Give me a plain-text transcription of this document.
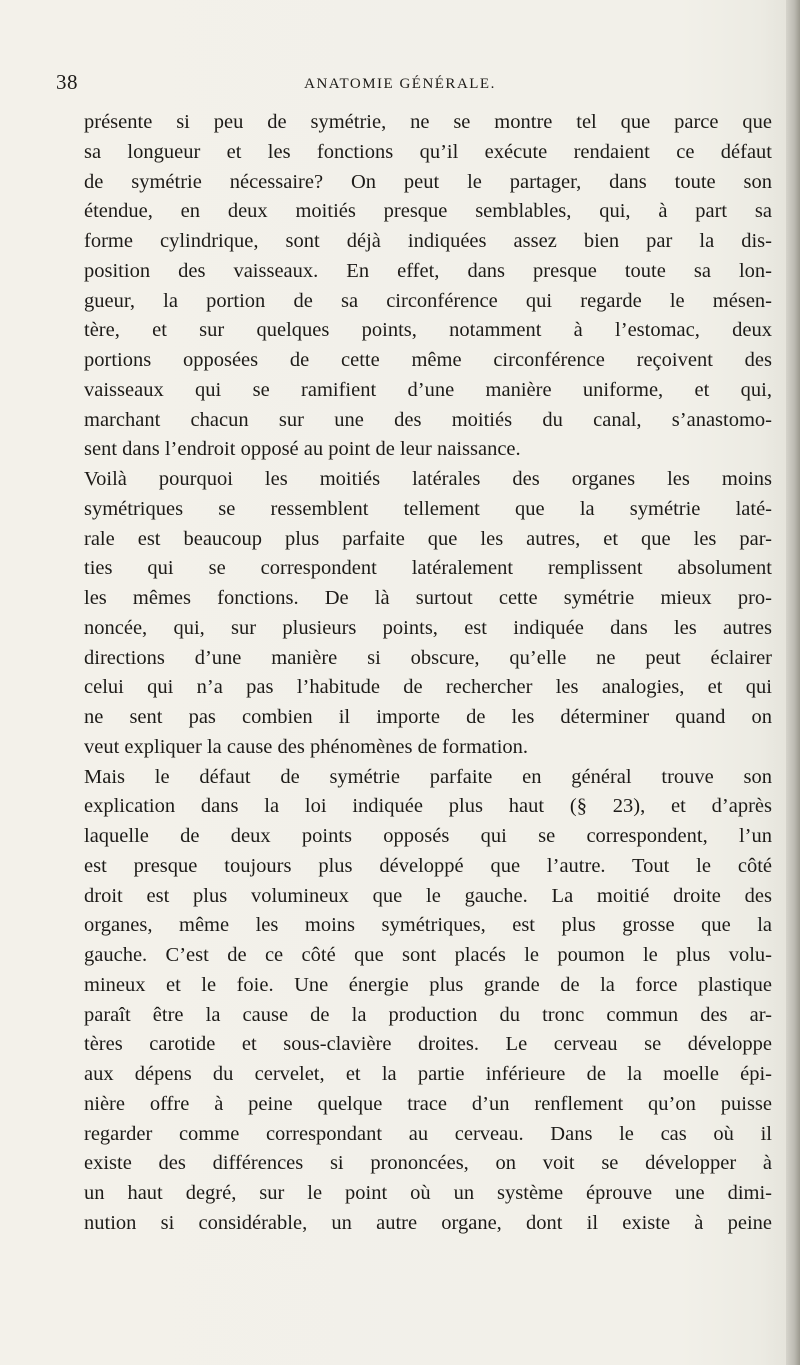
38	ANATOMIE GÉNÉRALE.
présente si peu de symétrie, ne se montre tel que parce que
sa longueur et les fonctions qu’il exécute rendaient ce défaut
de symétrie nécessaire? On peut le partager, dans toute son
étendue, en deux moitiés presque semblables, qui, à part sa
forme cylindrique, sont déjà indiquées assez bien par la dis-
position des vaisseaux. En effet, dans presque toute sa lon-
gueur, la portion de sa circonférence qui regarde le mésen-
tère, et sur quelques points, notamment à l’estomac, deux
portions opposées de cette même circonférence reçoivent des
vaisseaux qui se ramifient d’une manière uniforme, et qui,
marchant chacun sur une des moitiés du canal, s’anastomo-
sent dans l’endroit opposé au point de leur naissance.
Voilà pourquoi les moitiés latérales des organes les moins
symétriques se ressemblent tellement que la symétrie laté-
rale est beaucoup plus parfaite que les autres, et que les par-
ties qui se correspondent latéralement remplissent absolument
les mêmes fonctions. De là surtout cette symétrie mieux pro-
noncée, qui, sur plusieurs points, est indiquée dans les autres
directions d’une manière si obscure, qu’elle ne peut éclairer
celui qui n’a pas l’habitude de rechercher les analogies, et qui
ne sent pas combien il importe de les déterminer quand on
veut expliquer la cause des phénomènes de formation.
Mais le défaut de symétrie parfaite en général trouve son
explication dans la loi indiquée plus haut (§ 23), et d’après
laquelle de deux points opposés qui se correspondent, l’un
est presque toujours plus développé que l’autre. Tout le côté
droit est plus volumineux que le gauche. La moitié droite des
organes, même les moins symétriques, est plus grosse que la
gauche. C’est de ce côté que sont placés le poumon le plus volu-
mineux et le foie. Une énergie plus grande de la force plastique
paraît être la cause de la production du tronc commun des ar-
tères carotide et sous-clavière droites. Le cerveau se développe
aux dépens du cervelet, et la partie inférieure de la moelle épi-
nière offre à peine quelque trace d’un renflement qu’on puisse
regarder comme correspondant au cerveau. Dans le cas où il
existe des différences si prononcées, on voit se développer à
un haut degré, sur le point où un système éprouve une dimi-
nution si considérable, un autre organe, dont il existe à peine
